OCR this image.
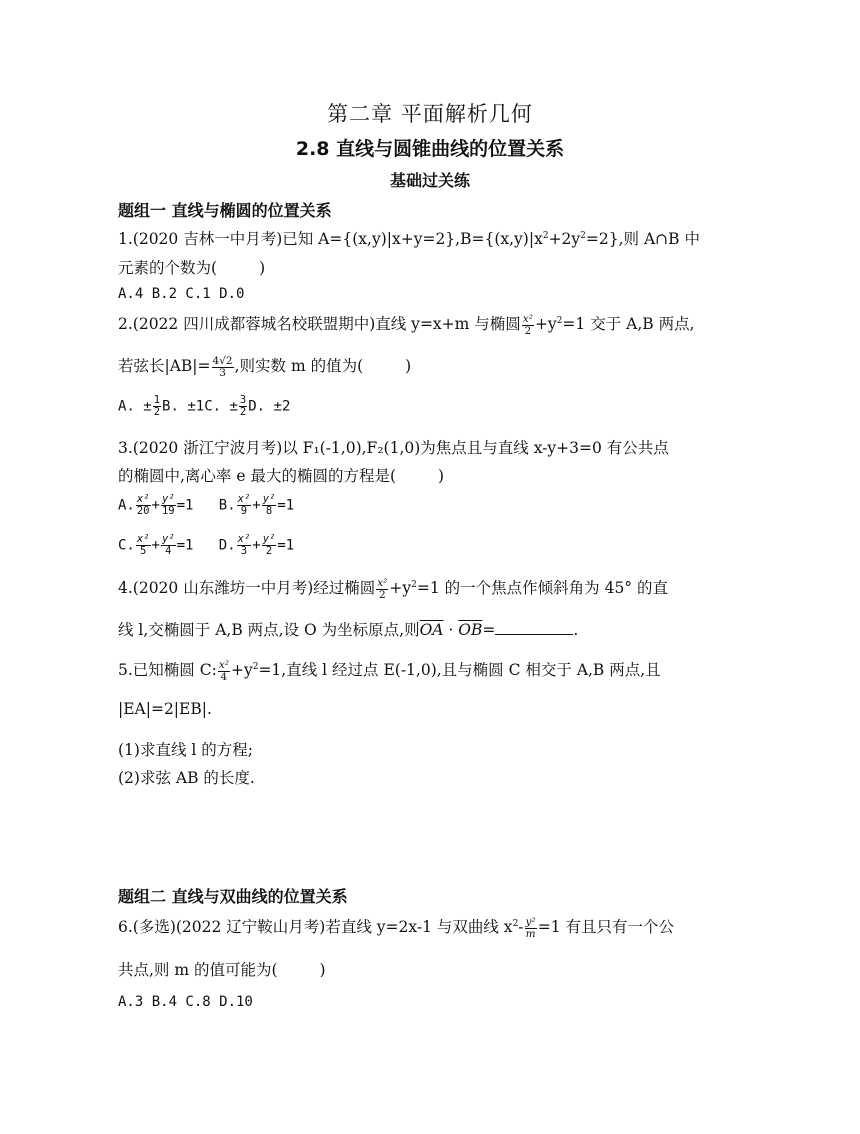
第二章 平面解析几何
2.8 直线与圆锥曲线的位置关系
基础过关练
题组一 直线与椭圆的位置关系
1.(2020 吉林一中月考)已知 $A=\{(x,y)|x+y=2\},B=\{(x,y)|x^2+2y^2=2\}$,则 A∩B 中
元素的个数为(	)
A.4 B.2 C.1 D.0
2.(2022 四川成都蓉城名校联盟期中)直线 y=x+m 与椭圆 $\frac{\text{x²}}{2} +y^2=1$ 交于 A,B 两点,
若弦长$|AB|= \frac{4√2}{3}$ ,则实数 m 的值为(	)
A. ± $\frac{1}{2} B$. ±1C. ± $\frac{3}{2} D$. ±2
3.(2020 浙江宁波月考)以 F₁(-1,0),F₂(1,0)为焦点且与直线 x-y+3=0 有公共点
的椭圆中,离心率 e 最大的椭圆的方程是(	)
A. $\frac{\text{x²}}{20} + \frac{\text{y²}}{19} =1$ B. $\frac{\text{x²}}{9} + \frac{\text{y²}}{8} =1$
C. $\frac{\text{x²}}{5} + \frac{\text{y²}}{4} =1$ D. $\frac{\text{x²}}{3} + \frac{\text{y²}}{2} =1$
4.(2020 山东潍坊一中月考)经过椭圆 $\frac{\text{x²}}{2} +y^2=1$ 的一个焦点作倾斜角为 45° 的直
线 l,交椭圆于 A,B 两点,设 O 为坐标原点,则$\overline{OA} \cdot \overline{OB}=$	.
5.已知椭圆 C: $\frac{\text{x²}}{4} +y^2=1$,直线 l 经过点 E(-1,0),且与椭圆 C 相交于 A,B 两点,且
|EA|=2|EB|.
(1)求直线 l 的方程;
(2)求弦 AB 的长度.
题组二 直线与双曲线的位置关系
6.(多选)(2022 辽宁鞍山月考)若直线 y=2x-1 与双曲线 $x^2- \frac{\text{y²}}{m} =1$ 有且只有一个公
共点,则 m 的值可能为(	)
A.3 B.4 C.8 D.10
